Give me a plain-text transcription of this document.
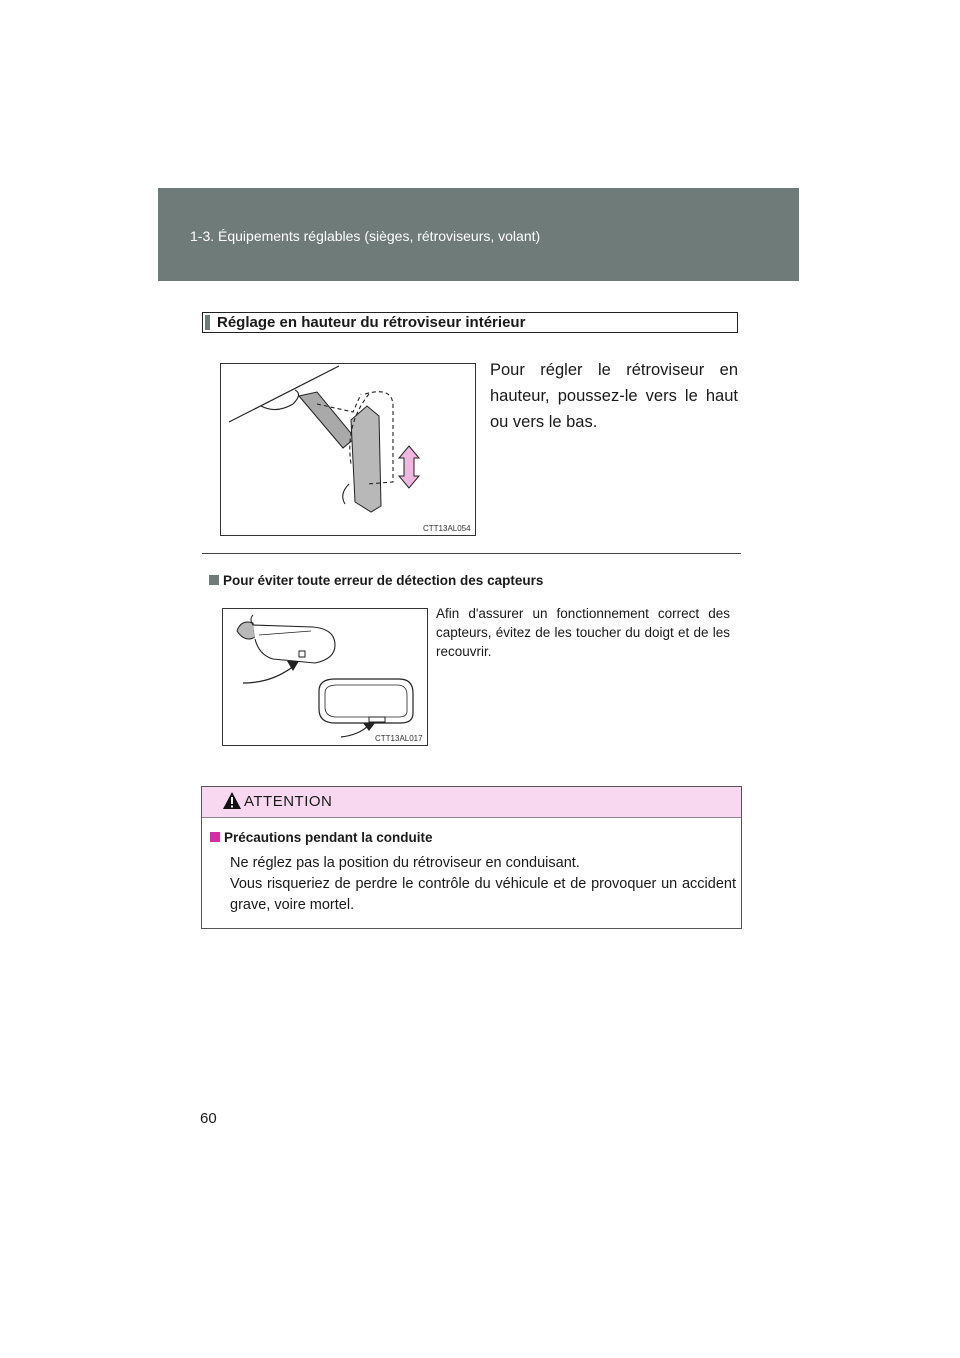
1-3. Équipements réglables (sièges, rétroviseurs, volant)
Réglage en hauteur du rétroviseur intérieur
CTT13AL054
Pour régler le rétroviseur en hauteur, poussez-le vers le haut ou vers le bas.
Pour éviter toute erreur de détection des capteurs
CTT13AL017
Afin d'assurer un fonctionnement correct des capteurs, évitez de les toucher du doigt et de les recouvrir.
ATTENTION
Précautions pendant la conduite
Ne réglez pas la position du rétroviseur en conduisant.
Vous risqueriez de perdre le contrôle du véhicule et de provoquer un accident grave, voire mortel.
60
